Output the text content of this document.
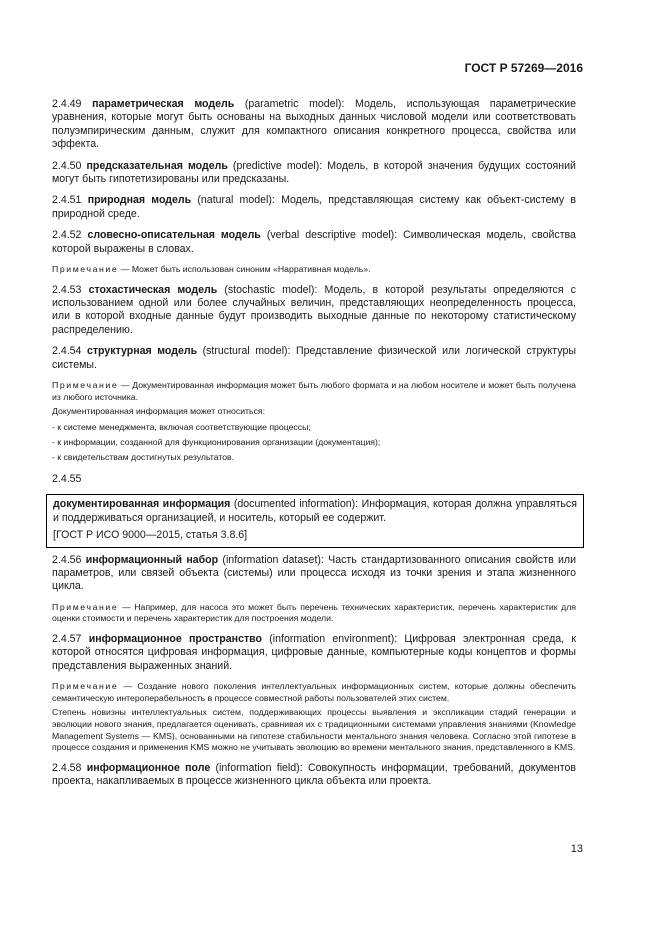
ГОСТ Р 57269—2016

2.4.49 параметрическая модель (parametric model): Модель, использующая параметрические уравнения, которые могут быть основаны на выходных данных числовой модели или соответствовать полуэмпирическим данным, служит для компактного описания конкретного процесса, свойства или эффекта.

2.4.50 предсказательная модель (predictive model): Модель, в которой значения будущих состояний могут быть гипотетизированы или предсказаны.

2.4.51 природная модель (natural model): Модель, представляющая систему как объект-систему в природной среде.

2.4.52 словесно-описательная модель (verbal descriptive model): Символическая модель, свойства которой выражены в словах.

Примечание — Может быть использован синоним «Нарративная модель».

2.4.53 стохастическая модель (stochastic model): Модель, в которой результаты определяются с использованием одной или более случайных величин, представляющих неопределенность процесса, или в которой входные данные будут производить выходные данные по некоторому статистическому распределению.

2.4.54 структурная модель (structural model): Представление физической или логической структуры системы.

Примечание — Документированная информация может быть любого формата и на любом носителе и может быть получена из любого источника.

Документированная информация может относиться:

- к системе менеджмента, включая соответствующие процессы;

- к информации, созданной для функционирования организации (документация);

- к свидетельствам достигнутых результатов.

2.4.55

документированная информация (documented information): Информация, которая должна управляться и поддерживаться организацией, и носитель, который ее содержит.

[ГОСТ Р ИСО 9000—2015, статья 3.8.6]

2.4.56 информационный набор (information dataset): Часть стандартизованного описания свойств или параметров, или связей объекта (системы) или процесса исходя из точки зрения и этапа жизненного цикла.

Примечание — Например, для насоса это может быть перечень технических характеристик, перечень характеристик для оценки стоимости и перечень характеристик для построения модели.

2.4.57 информационное пространство (information environment): Цифровая электронная среда, к которой относятся цифровая информация, цифровые данные, компьютерные коды концептов и формы представления выраженных знаний.

Примечание — Создание нового поколения интеллектуальных информационных систем, которые должны обеспечить семантическую интероперабельность в процессе совместной работы пользователей этих систем.

Степень новизны интеллектуальных систем, поддерживающих процессы выявления и экспликации стадий генерации и эволюции нового знания, предлагается оценивать, сравнивая их с традиционными системами управления знаниями (Knowledge Management Systems — KMS), основанными на гипотезе стабильности ментального знания человека. Согласно этой гипотезе в процессе создания и применения KMS можно не учитывать эволюцию во времени ментального знания, представленного в KMS.

2.4.58 информационное поле (information field): Совокупность информации, требований, документов проекта, накапливаемых в процессе жизненного цикла объекта или проекта.

13
